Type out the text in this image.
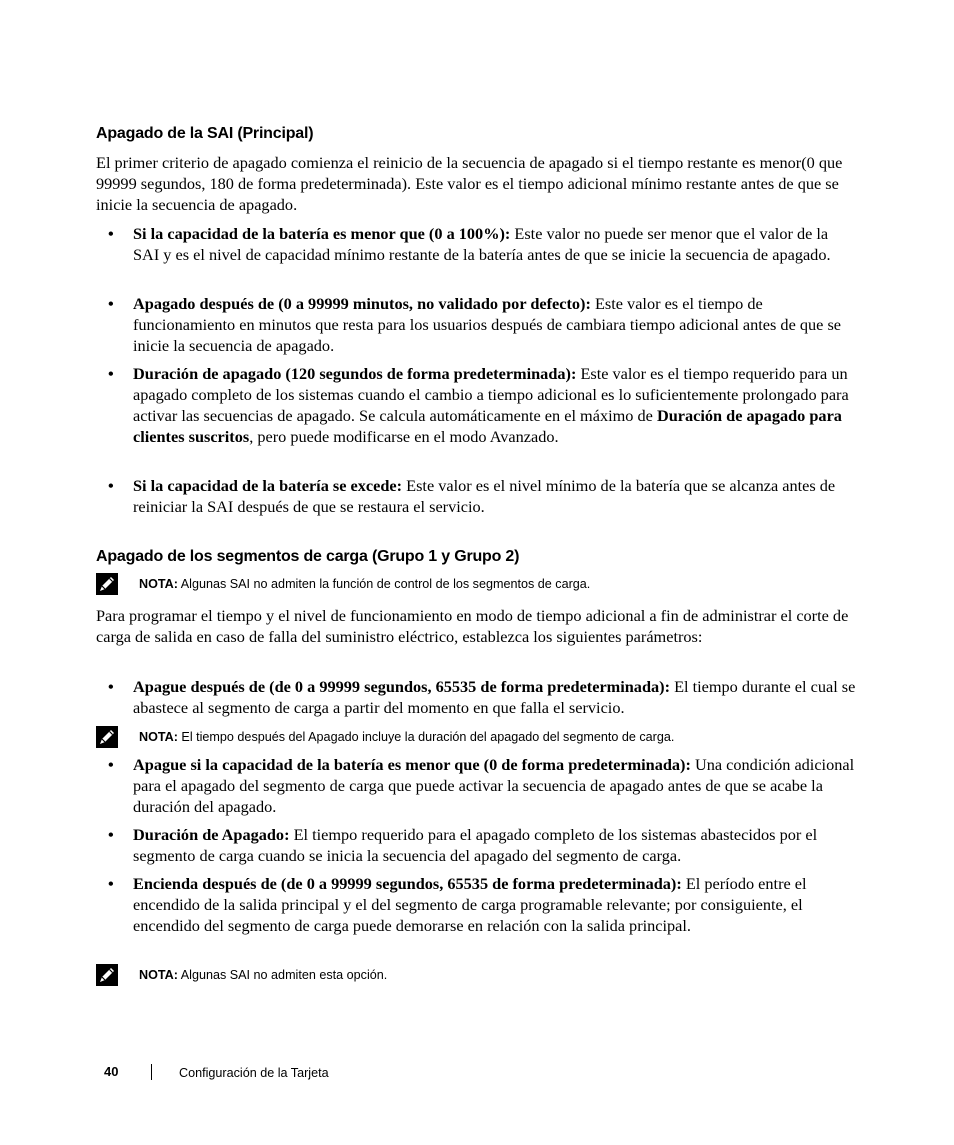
Apagado de la SAI (Principal)

El primer criterio de apagado comienza el reinicio de la secuencia de apagado si el tiempo restante es menor(0 que 99999 segundos, 180 de forma predeterminada). Este valor es el tiempo adicional mínimo restante antes de que se inicie la secuencia de apagado.

• Si la capacidad de la batería es menor que (0 a 100%): Este valor no puede ser menor que el valor de la SAI y es el nivel de capacidad mínimo restante de la batería antes de que se inicie la secuencia de apagado.
• Apagado después de (0 a 99999 minutos, no validado por defecto): Este valor es el tiempo de funcionamiento en minutos que resta para los usuarios después de cambiara tiempo adicional antes de que se inicie la secuencia de apagado.
• Duración de apagado (120 segundos de forma predeterminada): Este valor es el tiempo requerido para un apagado completo de los sistemas cuando el cambio a tiempo adicional es lo suficientemente prolongado para activar las secuencias de apagado. Se calcula automáticamente en el máximo de Duración de apagado para clientes suscritos, pero puede modificarse en el modo Avanzado.
• Si la capacidad de la batería se excede: Este valor es el nivel mínimo de la batería que se alcanza antes de reiniciar la SAI después de que se restaura el servicio.
Apagado de los segmentos de carga (Grupo 1 y Grupo 2)
NOTA: Algunas SAI no admiten la función de control de los segmentos de carga.

Para programar el tiempo y el nivel de funcionamiento en modo de tiempo adicional a fin de administrar el corte de carga de salida en caso de falla del suministro eléctrico, establezca los siguientes parámetros:

• Apague después de (de 0 a 99999 segundos, 65535 de forma predeterminada): El tiempo durante el cual se abastece al segmento de carga a partir del momento en que falla el servicio.
NOTA: El tiempo después del Apagado incluye la duración del apagado del segmento de carga.
• Apague si la capacidad de la batería es menor que (0 de forma predeterminada): Una condición adicional para el apagado del segmento de carga que puede activar la secuencia de apagado antes de que se acabe la duración del apagado.
• Duración de Apagado: El tiempo requerido para el apagado completo de los sistemas abastecidos por el segmento de carga cuando se inicia la secuencia del apagado del segmento de carga.
• Encienda después de (de 0 a 99999 segundos, 65535 de forma predeterminada): El período entre el encendido de la salida principal y el del segmento de carga programable relevante; por consiguiente, el encendido del segmento de carga puede demorarse en relación con la salida principal.
NOTA: Algunas SAI no admiten esta opción.
40	Configuración de la Tarjeta
